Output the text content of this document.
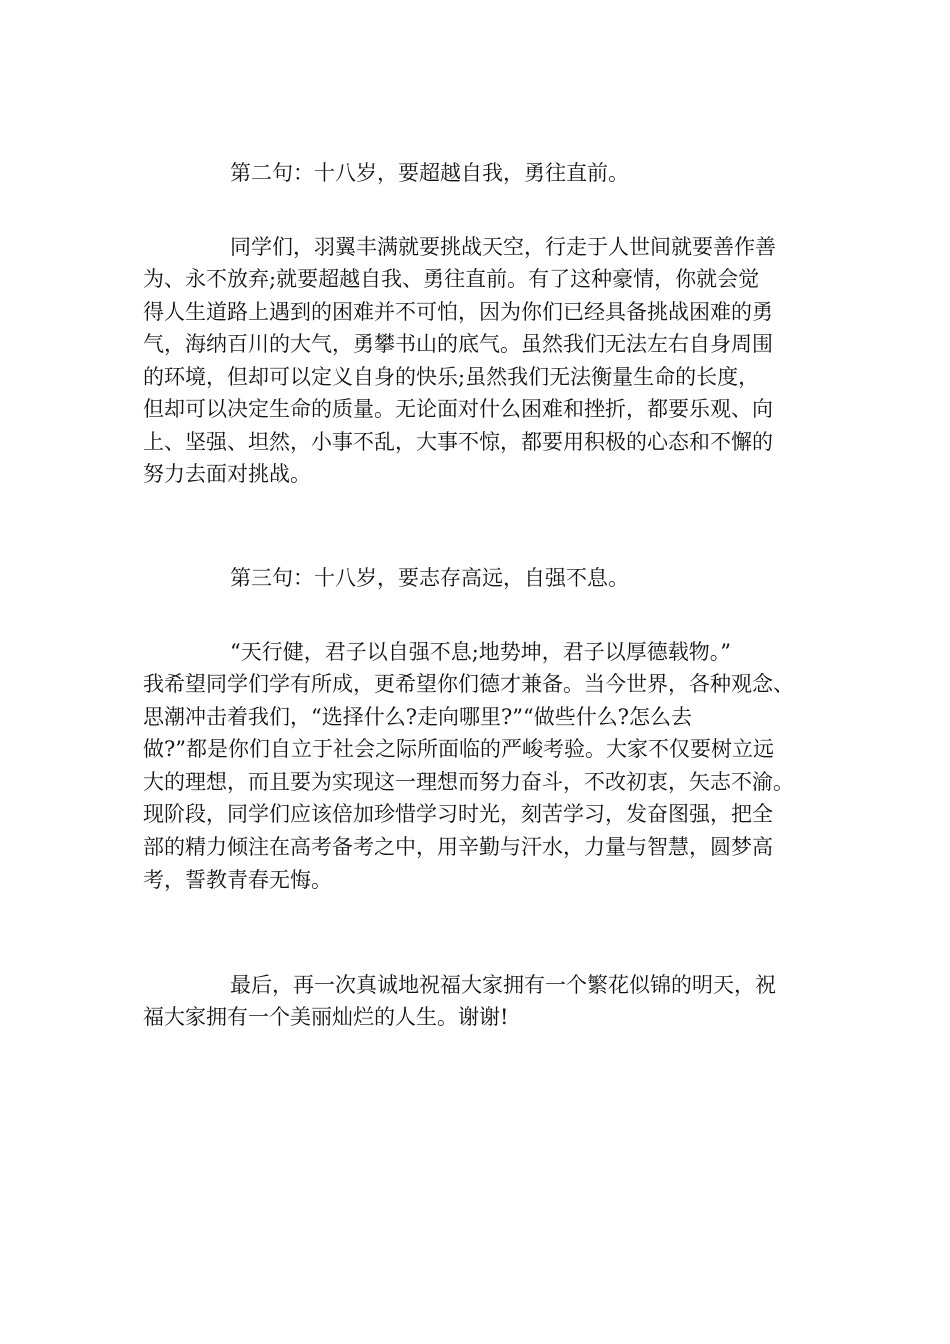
第二句：十八岁，要超越自我，勇往直前。
同学们，羽翼丰满就要挑战天空，行走于人世间就要善作善
为、永不放弃;就要超越自我、勇往直前。有了这种豪情，你就会觉
得人生道路上遇到的困难并不可怕，因为你们已经具备挑战困难的勇
气，海纳百川的大气，勇攀书山的底气。虽然我们无法左右自身周围
的环境，但却可以定义自身的快乐;虽然我们无法衡量生命的长度，
但却可以决定生命的质量。无论面对什么困难和挫折，都要乐观、向
上、坚强、坦然，小事不乱，大事不惊，都要用积极的心态和不懈的
努力去面对挑战。
第三句：十八岁，要志存高远，自强不息。
“天行健，君子以自强不息;地势坤，君子以厚德载物。”
我希望同学们学有所成，更希望你们德才兼备。当今世界，各种观念、
思潮冲击着我们，“选择什么?走向哪里?”“做些什么?怎么去
做?”都是你们自立于社会之际所面临的严峻考验。大家不仅要树立远
大的理想，而且要为实现这一理想而努力奋斗，不改初衷，矢志不渝。
现阶段，同学们应该倍加珍惜学习时光，刻苦学习，发奋图强，把全
部的精力倾注在高考备考之中，用辛勤与汗水，力量与智慧，圆梦高
考，誓教青春无悔。
最后，再一次真诚地祝福大家拥有一个繁花似锦的明天，祝
福大家拥有一个美丽灿烂的人生。谢谢!
